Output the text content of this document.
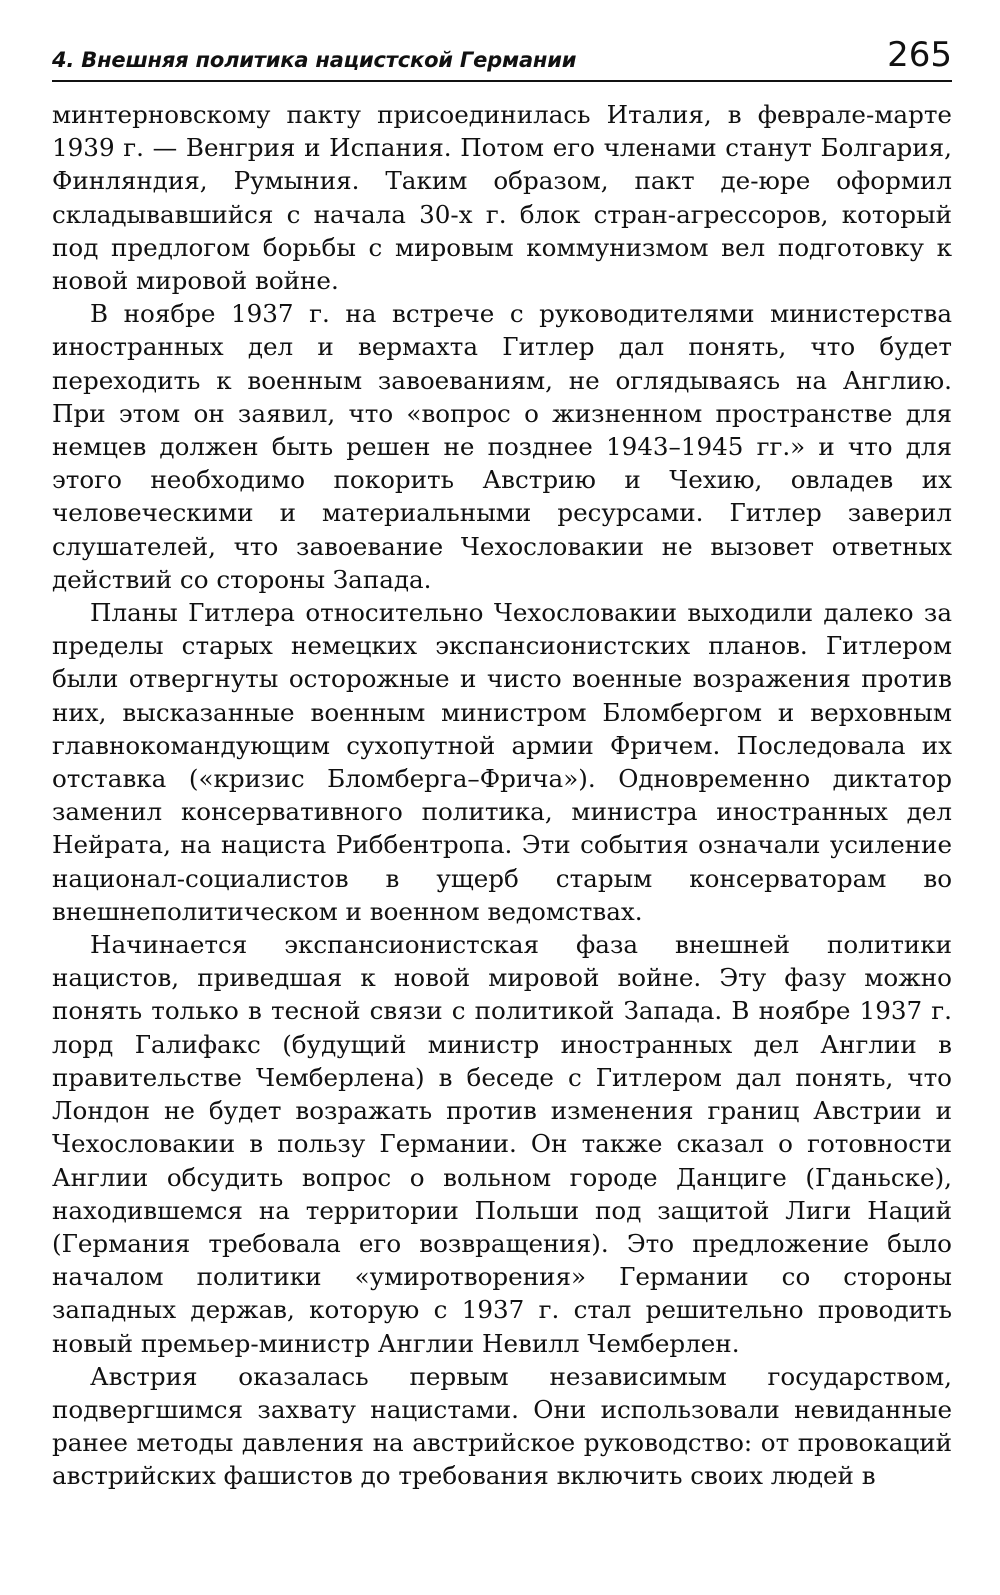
4. Внешняя политика нацистской Германии	265

минтерновскому пакту присоединилась Италия, в феврале-марте 1939 г. — Венгрия и Испания. Потом его членами станут Болгария, Финляндия, Румыния. Таким образом, пакт де-юре оформил складывавшийся с начала 30-х г. блок стран-агрессоров, который под предлогом борьбы с мировым коммунизмом вел подготовку к новой мировой войне.

В ноябре 1937 г. на встрече с руководителями министерства иностранных дел и вермахта Гитлер дал понять, что будет переходить к военным завоеваниям, не оглядываясь на Англию. При этом он заявил, что «вопрос о жизненном пространстве для немцев должен быть решен не позднее 1943–1945 гг.» и что для этого необходимо покорить Австрию и Чехию, овладев их человеческими и материальными ресурсами. Гитлер заверил слушателей, что завоевание Чехословакии не вызовет ответных действий со стороны Запада.

Планы Гитлера относительно Чехословакии выходили далеко за пределы старых немецких экспансионистских планов. Гитлером были отвергнуты осторожные и чисто военные возражения против них, высказанные военным министром Бломбергом и верховным главнокомандующим сухопутной армии Фричем. Последовала их отставка («кризис Бломберга–Фрича»). Одновременно диктатор заменил консервативного политика, министра иностранных дел Нейрата, на нациста Риббентропа. Эти события означали усиление национал-социалистов в ущерб старым консерваторам во внешнеполитическом и военном ведомствах.

Начинается экспансионистская фаза внешней политики нацистов, приведшая к новой мировой войне. Эту фазу можно понять только в тесной связи с политикой Запада. В ноябре 1937 г. лорд Галифакс (будущий министр иностранных дел Англии в правительстве Чемберлена) в беседе с Гитлером дал понять, что Лондон не будет возражать против изменения границ Австрии и Чехословакии в пользу Германии. Он также сказал о готовности Англии обсудить вопрос о вольном городе Данциге (Гданьске), находившемся на территории Польши под защитой Лиги Наций (Германия требовала его возвращения). Это предложение было началом политики «умиротворения» Германии со стороны западных держав, которую с 1937 г. стал решительно проводить новый премьер-министр Англии Невилл Чемберлен.

Австрия оказалась первым независимым государством, подвергшимся захвату нацистами. Они использовали невиданные ранее методы давления на австрийское руководство: от провокаций австрийских фашистов до требования включить своих людей в
